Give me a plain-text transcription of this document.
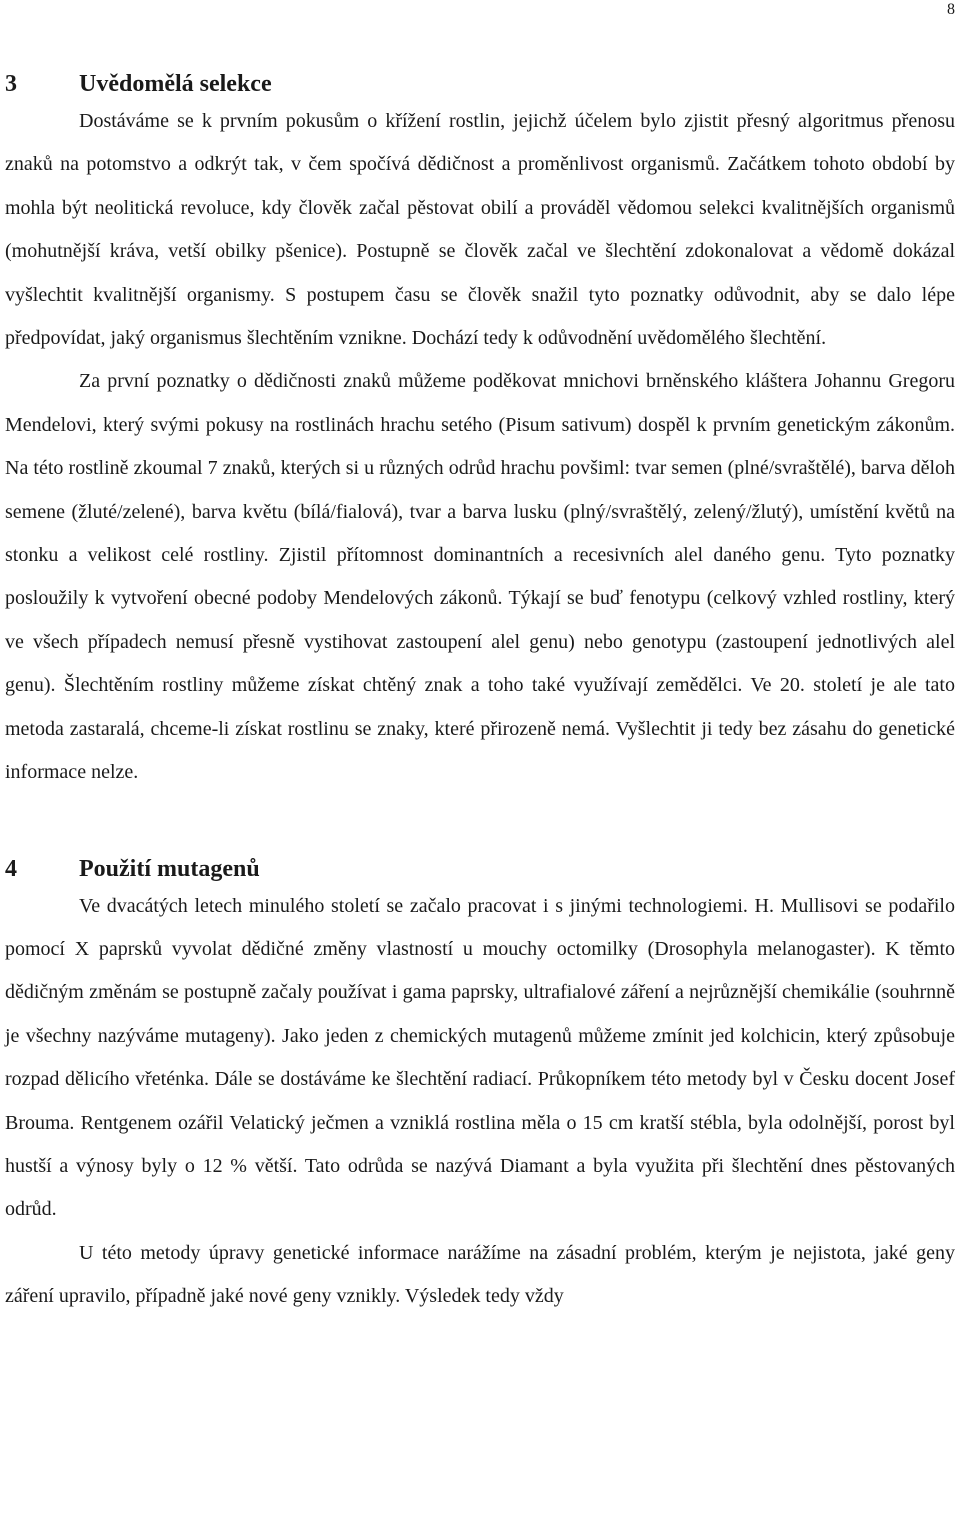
8
3	Uvědomělá selekce

Dostáváme se k prvním pokusům o křížení rostlin, jejichž účelem bylo zjistit přesný algoritmus přenosu znaků na potomstvo a odkrýt tak, v čem spočívá dědičnost a proměnlivost organismů. Začátkem tohoto období by mohla být neolitická revoluce, kdy člověk začal pěstovat obilí a prováděl vědomou selekci kvalitnějších organismů (mohutnější kráva, vetší obilky pšenice). Postupně se člověk začal ve šlechtění zdokonalovat a vědomě dokázal vyšlechtit kvalitnější organismy. S postupem času se člověk snažil tyto poznatky odůvodnit, aby se dalo lépe předpovídat, jaký organismus šlechtěním vznikne. Dochází tedy k odůvodnění uvědomělého šlechtění.

Za první poznatky o dědičnosti znaků můžeme poděkovat mnichovi brněnského kláštera Johannu Gregoru Mendelovi, který svými pokusy na rostlinách hrachu setého (Pisum sativum) dospěl k prvním genetickým zákonům. Na této rostlině zkoumal 7 znaků, kterých si u různých odrůd hrachu povšiml: tvar semen (plné/svraštělé), barva děloh semene (žluté/zelené), barva květu (bílá/fialová), tvar a barva lusku (plný/svraštělý, zelený/žlutý), umístění květů na stonku a velikost celé rostliny. Zjistil přítomnost dominantních a recesivních alel daného genu. Tyto poznatky posloužily k vytvoření obecné podoby Mendelových zákonů. Týkají se buď fenotypu (celkový vzhled rostliny, který ve všech případech nemusí přesně vystihovat zastoupení alel genu) nebo genotypu (zastoupení jednotlivých alel genu). Šlechtěním rostliny můžeme získat chtěný znak a toho také využívají zemědělci. Ve 20. století je ale tato metoda zastaralá, chceme-li získat rostlinu se znaky, které přirozeně nemá. Vyšlechtit ji tedy bez zásahu do genetické informace nelze.

4	Použití mutagenů

Ve dvacátých letech minulého století se začalo pracovat i s jinými technologiemi. H. Mullisovi se podařilo pomocí X paprsků vyvolat dědičné změny vlastností u mouchy octomilky (Drosophyla melanogaster). K těmto dědičným změnám se postupně začaly používat i gama paprsky, ultrafialové záření a nejrůznější chemikálie (souhrnně je všechny nazýváme mutageny). Jako jeden z chemických mutagenů můžeme zmínit jed kolchicin, který způsobuje rozpad dělicího vřeténka. Dále se dostáváme ke šlechtění radiací. Průkopníkem této metody byl v Česku docent Josef Brouma. Rentgenem ozářil Velatický ječmen a vzniklá rostlina měla o 15 cm kratší stébla, byla odolnější, porost byl hustší a výnosy byly o 12 % větší. Tato odrůda se nazývá Diamant a byla využita při šlechtění dnes pěstovaných odrůd.

U této metody úpravy genetické informace narážíme na zásadní problém, kterým je nejistota, jaké geny záření upravilo, případně jaké nové geny vznikly. Výsledek tedy vždy
